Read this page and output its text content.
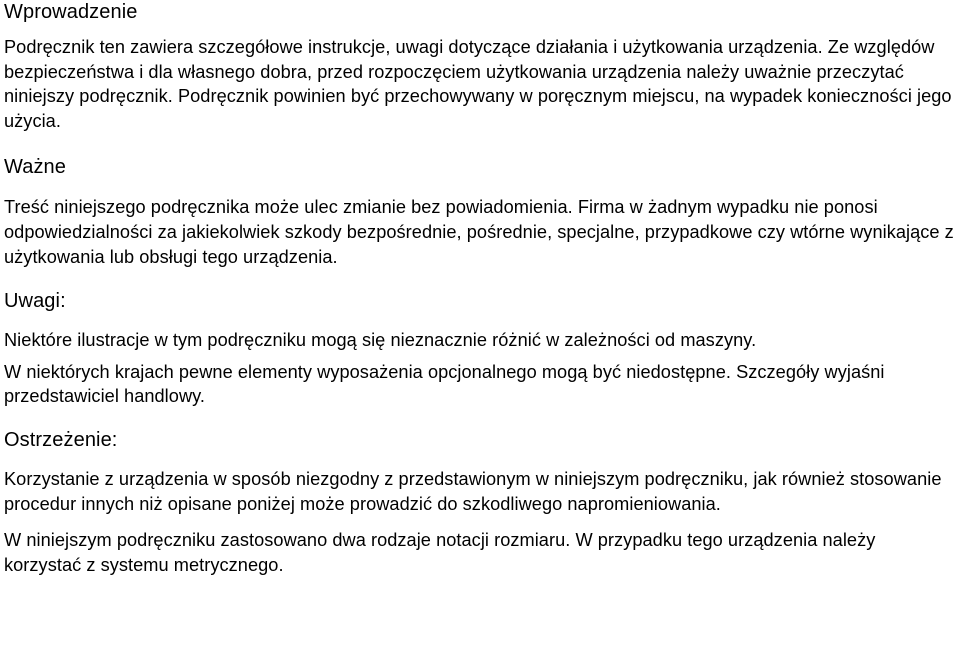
Wprowadzenie

Podręcznik ten zawiera szczegółowe instrukcje, uwagi dotyczące działania i użytkowania urządzenia. Ze względów bezpieczeństwa i dla własnego dobra, przed rozpoczęciem użytkowania urządzenia należy uważnie przeczytać niniejszy podręcznik. Podręcznik powinien być przechowywany w poręcznym miejscu, na wypadek konieczności jego użycia.

Ważne

Treść niniejszego podręcznika może ulec zmianie bez powiadomienia. Firma w żadnym wypadku nie ponosi odpowiedzialności za jakiekolwiek szkody bezpośrednie, pośrednie, specjalne, przypadkowe czy wtórne wynikające z użytkowania lub obsługi tego urządzenia.

Uwagi:

Niektóre ilustracje w tym podręczniku mogą się nieznacznie różnić w zależności od maszyny.

W niektórych krajach pewne elementy wyposażenia opcjonalnego mogą być niedostępne. Szczegóły wyjaśni przedstawiciel handlowy.

Ostrzeżenie:

Korzystanie z urządzenia w sposób niezgodny z przedstawionym w niniejszym podręczniku, jak również stosowanie procedur innych niż opisane poniżej może prowadzić do szkodliwego napromieniowania.

W niniejszym podręczniku zastosowano dwa rodzaje notacji rozmiaru. W przypadku tego urządzenia należy korzystać z systemu metrycznego.
